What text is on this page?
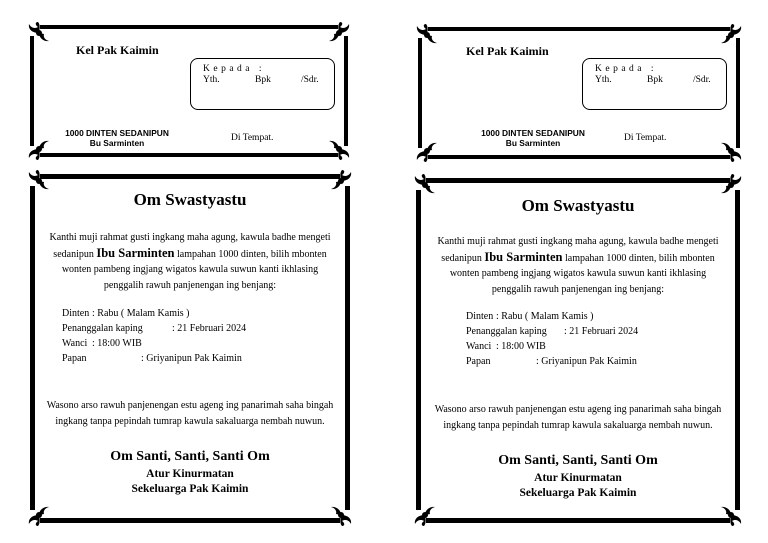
Kel Pak Kaimin
Kepada :
Yth.	Bpk	/Sdr.
1000 DINTEN SEDANIPUN
Bu Sarminten	Di Tempat.
Kel Pak Kaimin
Kepada :
Yth.	Bpk	/Sdr.
1000 DINTEN SEDANIPUN
Bu Sarminten	Di Tempat.
Om Swastyastu
Kanthi muji rahmat gusti ingkang maha agung, kawula badhe mengeti sedanipun Ibu Sarminten lampahan 1000 dinten, bilih mbonten wonten pambeng ingjang wigatos kawula suwun kanti ikhlasing penggalih rawuh panjenengan ing benjang:
Dinten : Rabu ( Malam Kamis )
Penanggalan kaping	: 21 Februari 2024
Wanci : 18:00 WIB
Papan	: Griyanipun Pak Kaimin
Wasono arso rawuh panjenengan estu ageng ing panarimah saha bingah ingkang tanpa pepindah tumrap kawula sakaluarga nembah nuwun.
Om Santi, Santi, Santi Om
Atur Kinurmatan
Sekeluarga Pak Kaimin
Om Swastyastu
Kanthi muji rahmat gusti ingkang maha agung, kawula badhe mengeti sedanipun Ibu Sarminten lampahan 1000 dinten, bilih mbonten wonten pambeng ingjang wigatos kawula suwun kanti ikhlasing penggalih rawuh panjenengan ing benjang:
Dinten : Rabu ( Malam Kamis )
Penanggalan kaping : 21 Februari 2024
Wanci : 18:00 WIB
Papan	: Griyanipun Pak Kaimin
Wasono arso rawuh panjenengan estu ageng ing panarimah saha bingah ingkang tanpa pepindah tumrap kawula sakaluarga nembah nuwun.
Om Santi, Santi, Santi Om
Atur Kinurmatan
Sekeluarga Pak Kaimin
